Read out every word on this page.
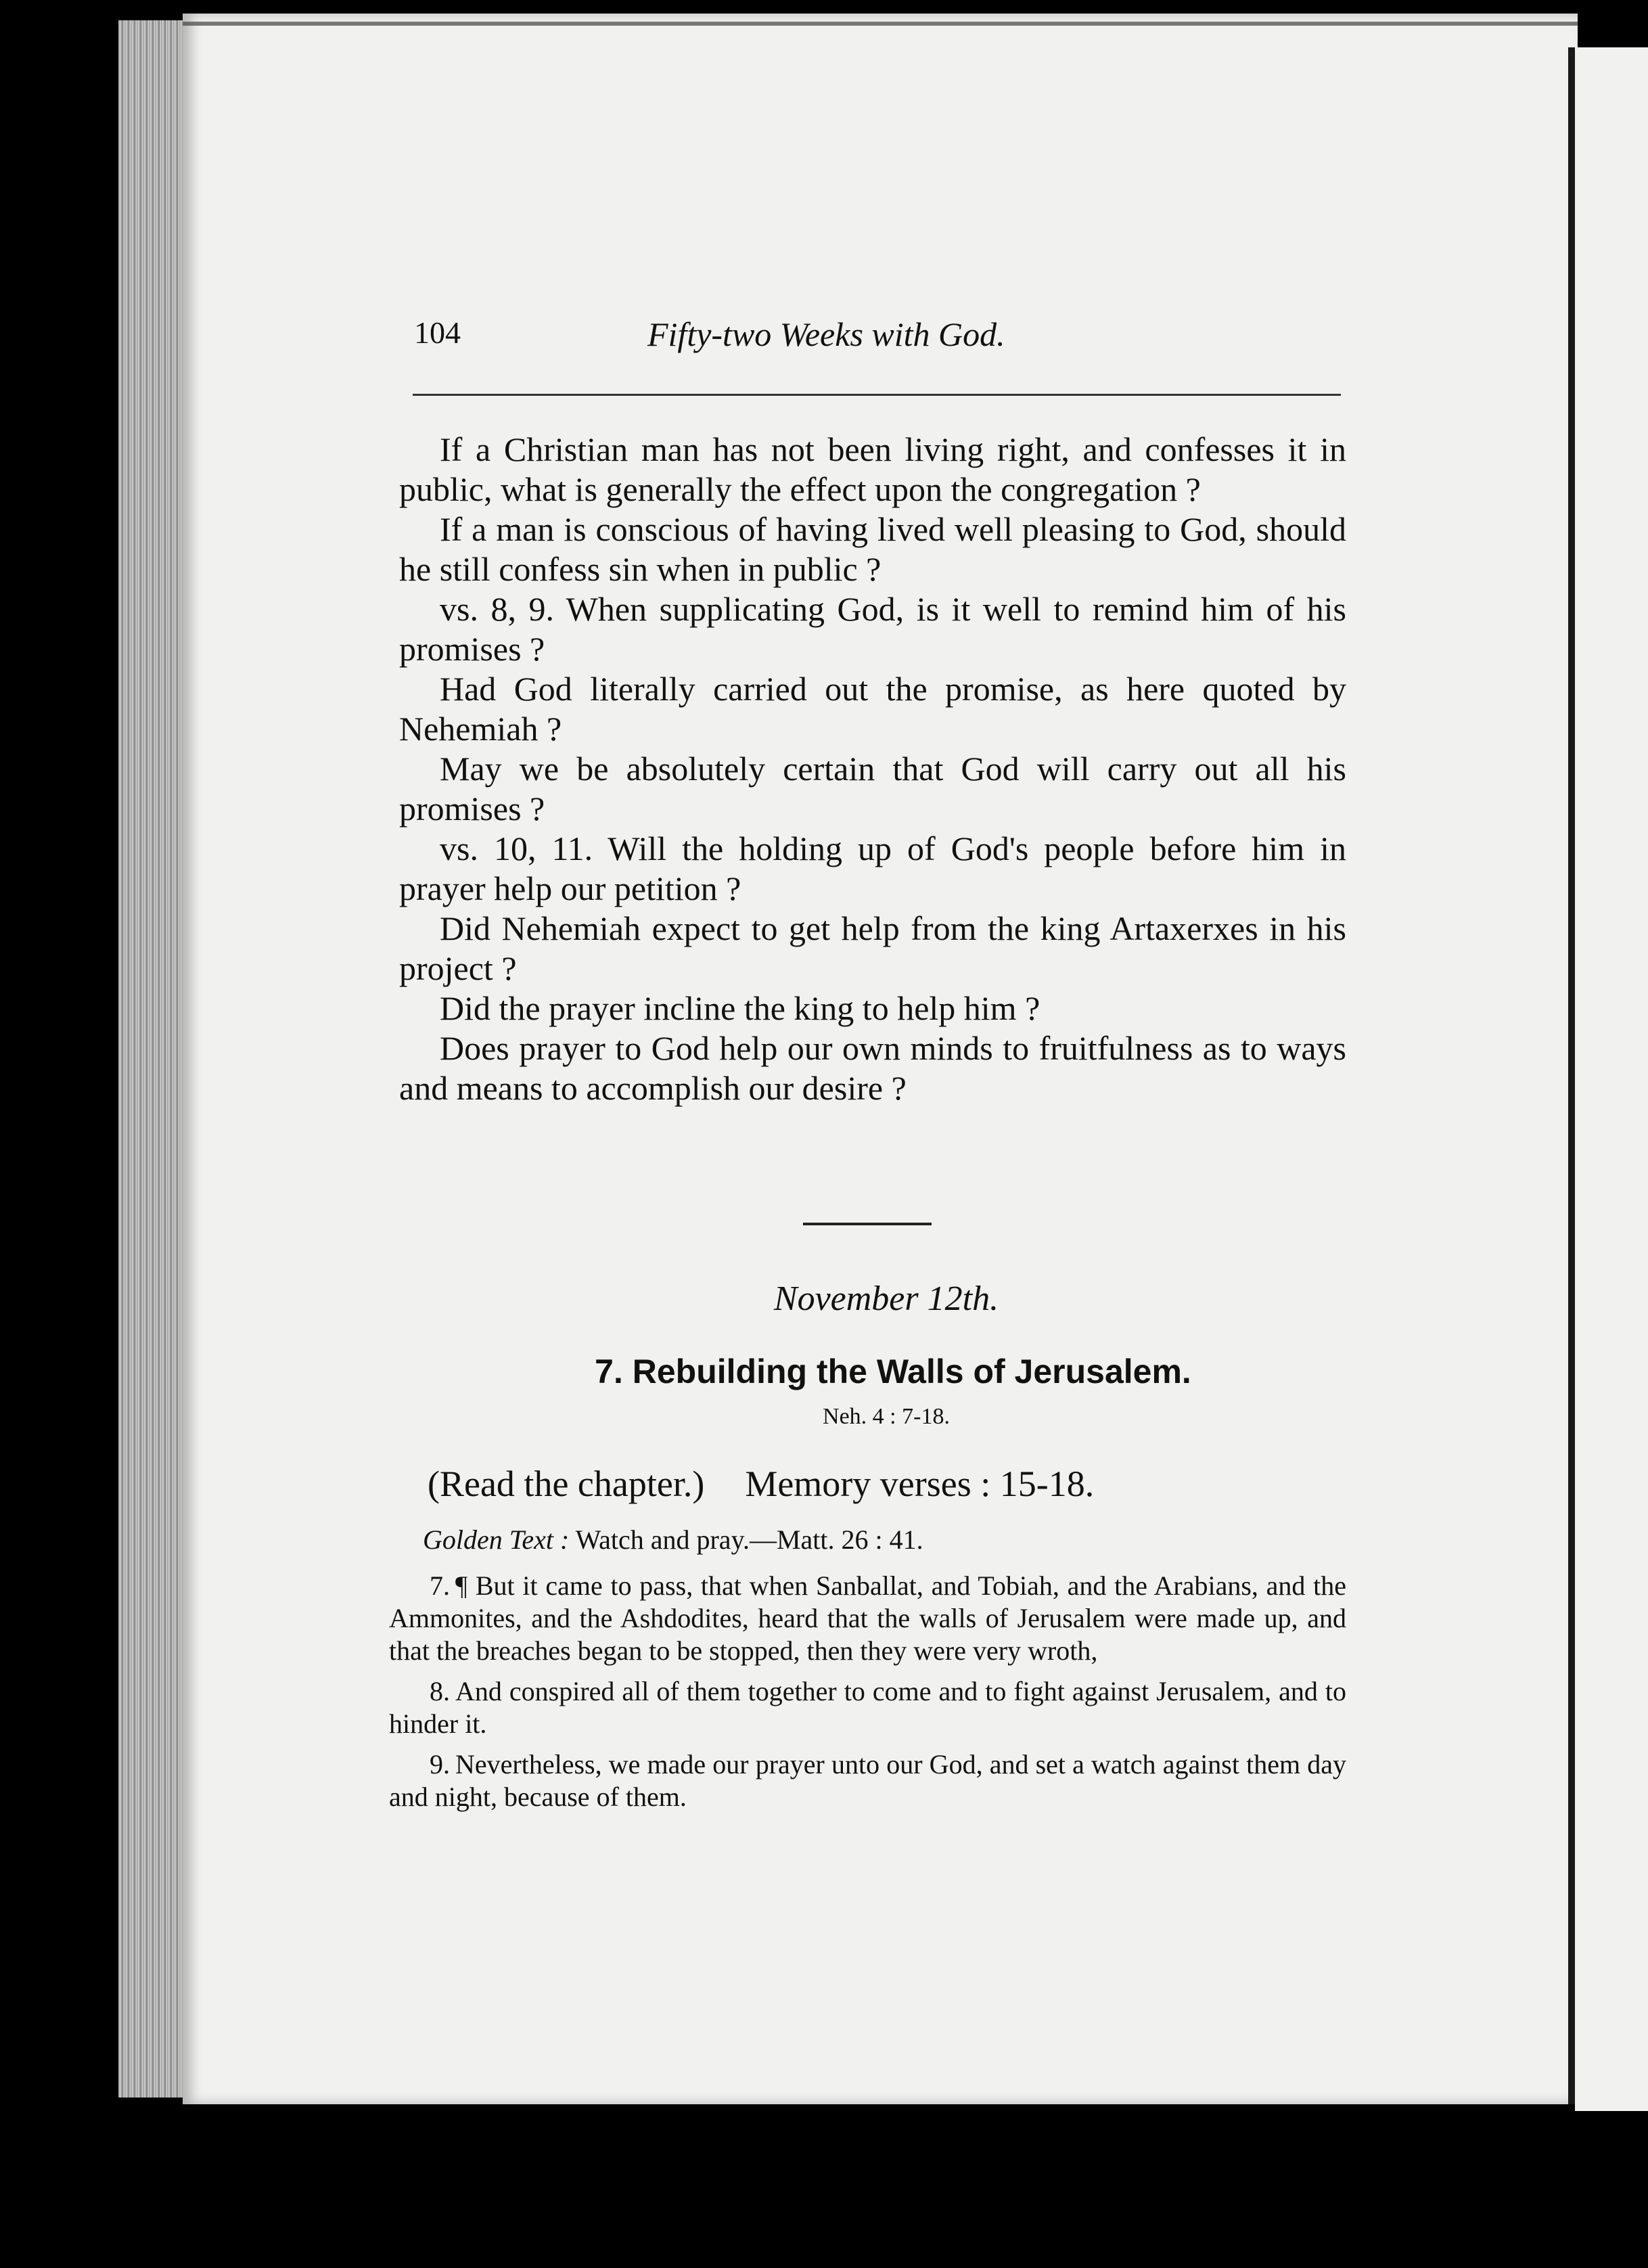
104	Fifty-two Weeks with God.

If a Christian man has not been living right, and confesses it in public, what is generally the effect upon the congregation ?

If a man is conscious of having lived well pleasing to God, should he still confess sin when in public ?

vs. 8, 9. When supplicating God, is it well to remind him of his promises ?

Had God literally carried out the promise, as here quoted by Nehemiah ?

May we be absolutely certain that God will carry out all his promises ?

vs. 10, 11. Will the holding up of God's people before him in prayer help our petition ?

Did Nehemiah expect to get help from the king Artaxerxes in his project ?

Did the prayer incline the king to help him ?

Does prayer to God help our own minds to fruitfulness as to ways and means to accomplish our desire ?

November 12th.
7. Rebuilding the Walls of Jerusalem.
Neh. 4 : 7-18.
(Read the chapter.) Memory verses : 15-18.
Golden Text : Watch and pray.—Matt. 26 : 41.

7. ¶ But it came to pass, that when Sanballat, and Tobiah, and the Arabians, and the Ammonites, and the Ashdodites, heard that the walls of Jerusalem were made up, and that the breaches began to be stopped, then they were very wroth,

8. And conspired all of them together to come and to fight against Jerusalem, and to hinder it.

9. Nevertheless, we made our prayer unto our God, and set a watch against them day and night, because of them.
